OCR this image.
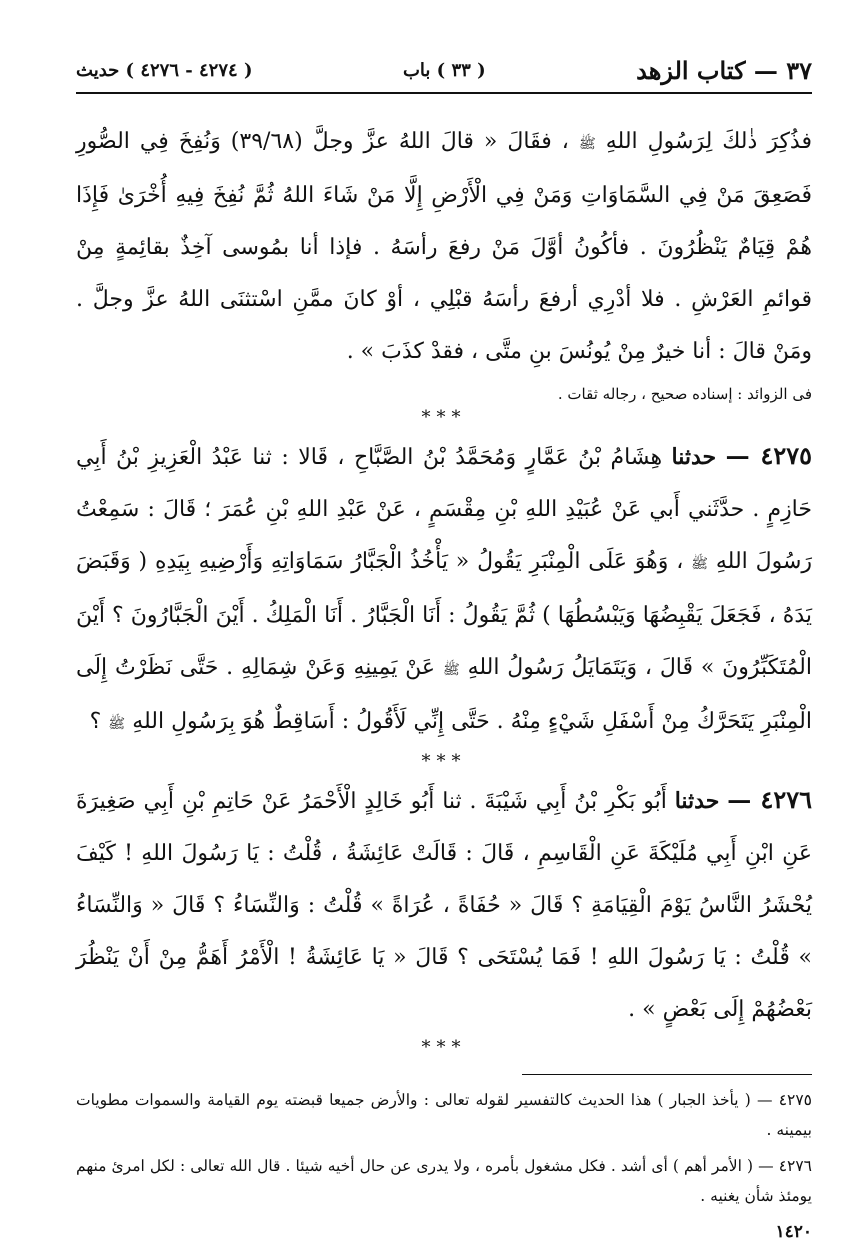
٣٧ — كتاب الزهد
( ٣٣ ) باب
( ٤٢٧٤ - ٤٢٧٦ ) حديث
فذُكِرَ ذٰلكَ لِرَسُولِ اللهِ ﷺ ، فقَالَ « قالَ اللهُ عزَّ وجلَّ (٣٩/٦٨) وَنُفِخَ فِي الصُّورِ فَصَعِقَ مَنْ فِي السَّمَاوَاتِ وَمَنْ فِي الْأَرْضِ إِلَّا مَنْ شَاءَ اللهُ ثُمَّ نُفِخَ فِيهِ أُخْرَىٰ فَإِذَا هُمْ قِيَامٌ يَنْظُرُونَ . فأكُونُ أوَّلَ مَنْ رفعَ رأسَهُ . فإذا أنا بمُوسى آخِذٌ بقائِمةٍ مِنْ قوائمِ العَرْشِ . فلا أدْرِي أرفعَ رأسَهُ قبْلِي ، أوْ كانَ ممَّنِ اسْتثنَى اللهُ عزَّ وجلَّ . ومَنْ قالَ : أنا خيرٌ مِنْ يُونُسَ بنِ متَّى ، فقدْ كذَبَ » .
فى الزوائد : إسناده صحيح ، رجاله ثقات .
***
٤٢٧٥ — حدثنا هِشَامُ بْنُ عَمَّارٍ وَمُحَمَّدُ بْنُ الصَّبَّاحِ ، قَالا : ثنا عَبْدُ الْعَزِيزِ بْنُ أَبِي حَازِمٍ . حدَّثَني أَبي عَنْ عُبَيْدِ اللهِ بْنِ مِقْسَمٍ ، عَنْ عَبْدِ اللهِ بْنِ عُمَرَ ؛ قَالَ : سَمِعْتُ رَسُولَ اللهِ ﷺ ، وَهُوَ عَلَى الْمِنْبَرِ يَقُولُ « يَأْخُذُ الْجَبَّارُ سَمَاوَاتِهِ وَأَرْضِيهِ بِيَدِهِ ( وَقَبَضَ يَدَهُ ، فَجَعَلَ يَقْبِضُهَا وَيَبْسُطُهَا ) ثُمَّ يَقُولُ : أَنَا الْجَبَّارُ . أَنَا الْمَلِكُ . أَيْنَ الْجَبَّارُونَ ؟ أَيْنَ الْمُتَكَبِّرُونَ » قَالَ ، وَيَتَمَايَلُ رَسُولُ اللهِ ﷺ عَنْ يَمِينِهِ وَعَنْ شِمَالِهِ . حَتَّى نَظَرْتُ إِلَى الْمِنْبَرِ يَتَحَرَّكُ مِنْ أَسْفَلِ شَيْءٍ مِنْهُ . حَتَّى إِنِّي لَأَقُولُ : أَسَاقِطٌ هُوَ بِرَسُولِ اللهِ ﷺ ؟
***
٤٢٧٦ — حدثنا أَبُو بَكْرِ بْنُ أَبِي شَيْبَةَ . ثنا أَبُو خَالِدٍ الْأَحْمَرُ عَنْ حَاتِمِ بْنِ أَبِي صَغِيرَةَ عَنِ ابْنِ أَبِي مُلَيْكَةَ عَنِ الْقَاسِمِ ، قَالَ : قَالَتْ عَائِشَةُ ، قُلْتُ : يَا رَسُولَ اللهِ ! كَيْفَ يُحْشَرُ النَّاسُ يَوْمَ الْقِيَامَةِ ؟ قَالَ « حُفَاةً ، عُرَاةً » قُلْتُ : وَالنِّسَاءُ ؟ قَالَ « وَالنِّسَاءُ » قُلْتُ : يَا رَسُولَ اللهِ ! فَمَا يُسْتَحَى ؟ قَالَ « يَا عَائِشَةُ ! الْأَمْرُ أَهَمُّ مِنْ أَنْ يَنْظُرَ بَعْضُهُمْ إِلَى بَعْضٍ » .
***

٤٢٧٥ — ( يأخذ الجبار ) هذا الحديث كالتفسير لقوله تعالى : والأرض جميعا قبضته يوم القيامة والسموات مطويات بيمينه .

٤٢٧٦ — ( الأمر أهم ) أى أشد . فكل مشغول بأمره ، ولا يدرى عن حال أخيه شيئا . قال الله تعالى : لكل امرئ منهم يومئذ شأن يغنيه .

١٤٢٠
